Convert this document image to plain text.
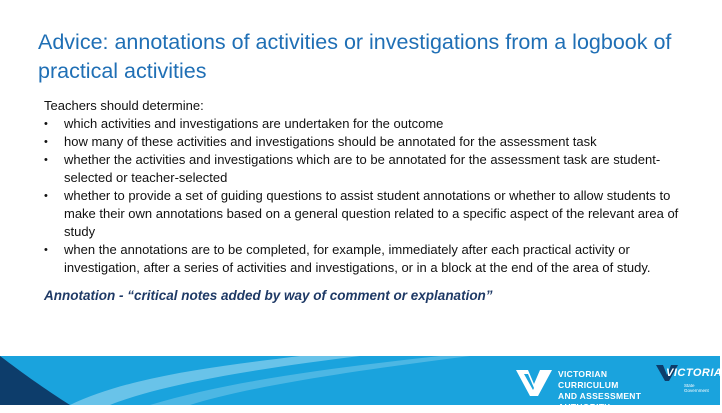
Advice: annotations of activities or investigations from a logbook of practical activities

Teachers should determine:

•	which activities and investigations are undertaken for the outcome
•	how many of these activities and investigations should be annotated for the assessment task
•	whether the activities and investigations which are to be annotated for the assessment task are student-selected or teacher-selected
•	whether to provide a set of guiding questions to assist student annotations or whether to allow students to make their own annotations based on a general question related to a specific aspect of the relevant area of study
•	when the annotations are to be completed, for example, immediately after each practical activity or investigation, after a series of activities and investigations, or in a block at the end of the area of study.

Annotation - “critical notes added by way of comment or explanation”

VICTORIAN CURRICULUM
AND ASSESSMENT AUTHORITY
VICTORIA
State
Government
